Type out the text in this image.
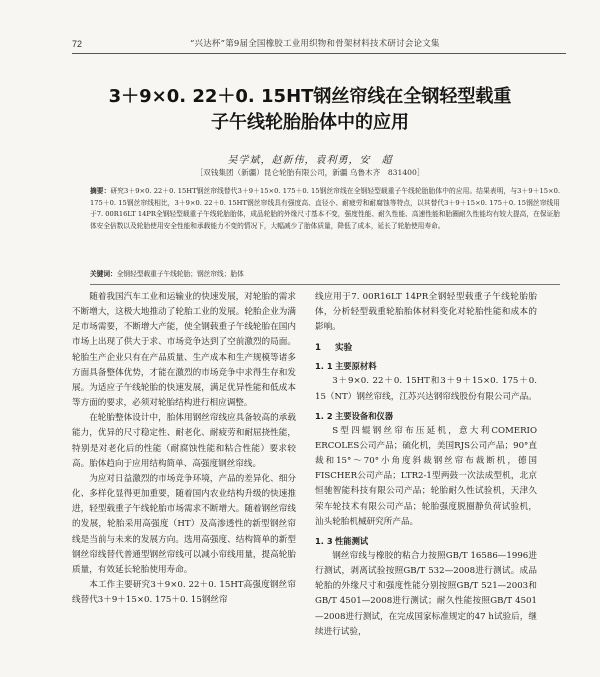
72	“兴达杯”第9届全国橡胶工业用织物和骨架材料技术研讨会论文集
3＋9×0. 22＋0. 15HT钢丝帘线在全钢轻型载重
子午线轮胎胎体中的应用
吴学斌，赵新伟，袁利勇，安　超
［双钱集团（新疆）昆仑轮胎有限公司，新疆 乌鲁木齐　831400］
摘要：研究3＋9×0. 22＋0. 15HT钢丝帘线替代3＋9＋15×0. 175＋0. 15钢丝帘线在全钢轻型载重子午线轮胎胎体中的应用。结果表明，与3＋9＋15×0. 175＋0. 15钢丝帘线相比，3＋9×0. 22＋0. 15HT钢丝帘线具有强度高、直径小、耐疲劳和耐腐蚀等特点，以其替代3＋9＋15×0. 175＋0. 15钢丝帘线用于7. 00R16LT 14PR全钢轻型载重子午线轮胎胎体，成品轮胎的外缘尺寸基本不变，强度性能、耐久性能、高速性能和胎圈耐久性能均有较大提高，在保证胎体安全倍数以及轮胎使用安全性能和承载能力不变的情况下，大幅减少了胎体质量，降低了成本，延长了轮胎使用寿命。
关键词：全钢轻型载重子午线轮胎；钢丝帘线；胎体

随着我国汽车工业和运输业的快速发展，对轮胎的需求不断增大，这极大地推动了轮胎工业的发展。轮胎企业为满足市场需要，不断增大产能，使全钢载重子午线轮胎在国内市场上出现了供大于求、市场竞争达到了空前激烈的局面。轮胎生产企业只有在产品质量、生产成本和生产规模等诸多方面具备整体优势，才能在激烈的市场竞争中求得生存和发展。为适应子午线轮胎的快速发展，满足优异性能和低成本等方面的要求，必须对轮胎结构进行相应调整。

在轮胎整体设计中，胎体用钢丝帘线应具备较高的承载能力，优异的尺寸稳定性、耐老化、耐疲劳和耐屈挠性能，特别是对老化后的性能（耐腐蚀性能和粘合性能）要求较高。胎体趋向于应用结构简单、高强度钢丝帘线。

为应对日益激烈的市场竞争环境，产品的差异化、细分化、多样化显得更加重要，随着国内农业结构升级的快速推进，轻型载重子午线轮胎市场需求不断增大。随着钢丝帘线的发展，轮胎采用高强度（HT）及高渗透性的新型钢丝帘线是当前与未来的发展方向。选用高强度、结构简单的新型钢丝帘线替代普通型钢丝帘线可以减小帘线用量，提高轮胎质量，有效延长轮胎使用寿命。

本工作主要研究3＋9×0. 22＋0. 15HT高强度钢丝帘线替代3＋9＋15×0. 175＋0. 15钢丝帘

线应用于7. 00R16LT 14PR全钢轻型载重子午线轮胎胎体，分析轻型载重轮胎胎体材料变化对轮胎性能和成本的影响。

1 实验
1. 1 主要原材料

3＋9×0. 22＋0. 15HT和3＋9＋15×0. 175＋0. 15（NT）钢丝帘线，江苏兴达钢帘线股份有限公司产品。

1. 2 主要设备和仪器

S型四辊钢丝帘布压延机，意大利COMERIO ERCOLES公司产品；硫化机，美国RJS公司产品；90°直裁和15°～70°小角度斜裁钢丝帘布裁断机，德国FISCHER公司产品；LTR2-1型两鼓一次法成型机，北京恒驰智能科技有限公司产品；轮胎耐久性试验机，天津久荣车轮技术有限公司产品；轮胎强度脱圈静负荷试验机，汕头轮胎机械研究所产品。

1. 3 性能测试

钢丝帘线与橡胶的粘合力按照GB/T 16586—1996进行测试，剥离试验按照GB/T 532—2008进行测试。成品轮胎的外缘尺寸和强度性能分别按照GB/T 521—2003和GB/T 4501—2008进行测试；耐久性能按照GB/T 4501—2008进行测试，在完成国家标准规定的47 h试验后，继续进行试验，
